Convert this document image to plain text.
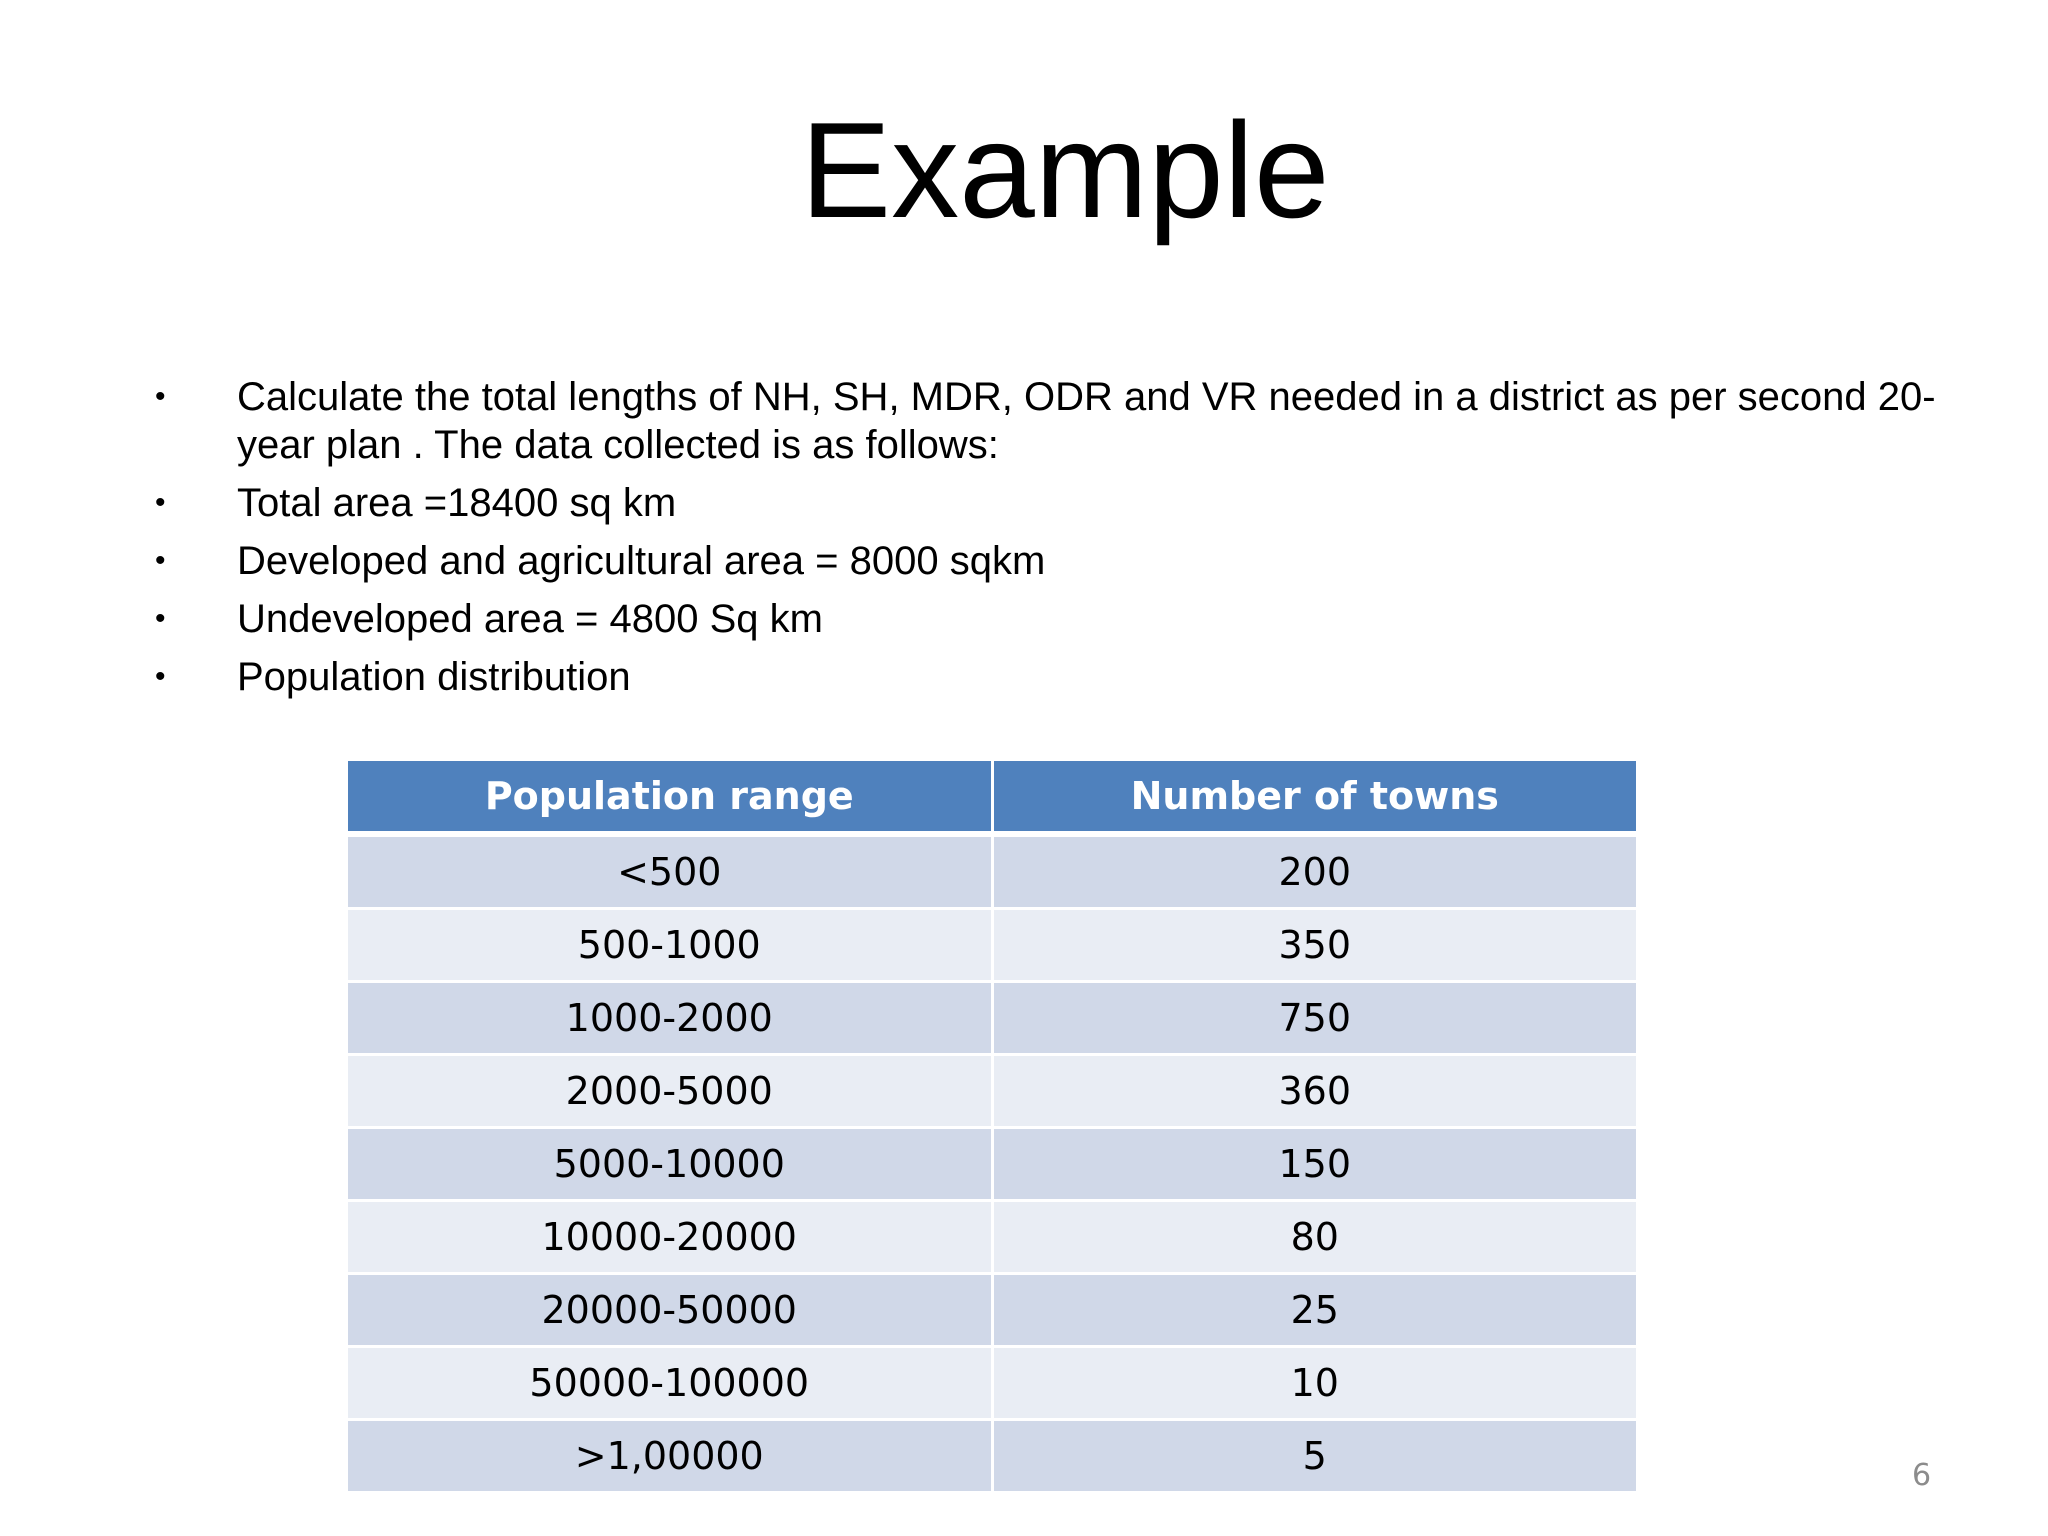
Example
•	Calculate the total lengths of NH, SH, MDR, ODR and VR needed in a district as per second 20-year plan . The data collected is as follows:
•	Total area =18400 sq km
•	Developed and agricultural area = 8000 sqkm
•	Undeveloped area = 4800 Sq km
•	Population distribution
Population range	Number of towns
<500	200
500-1000	350
1000-2000	750
2000-5000	360
5000-10000	150
10000-20000	80
20000-50000	25
50000-100000	10
>1,00000	5	6
